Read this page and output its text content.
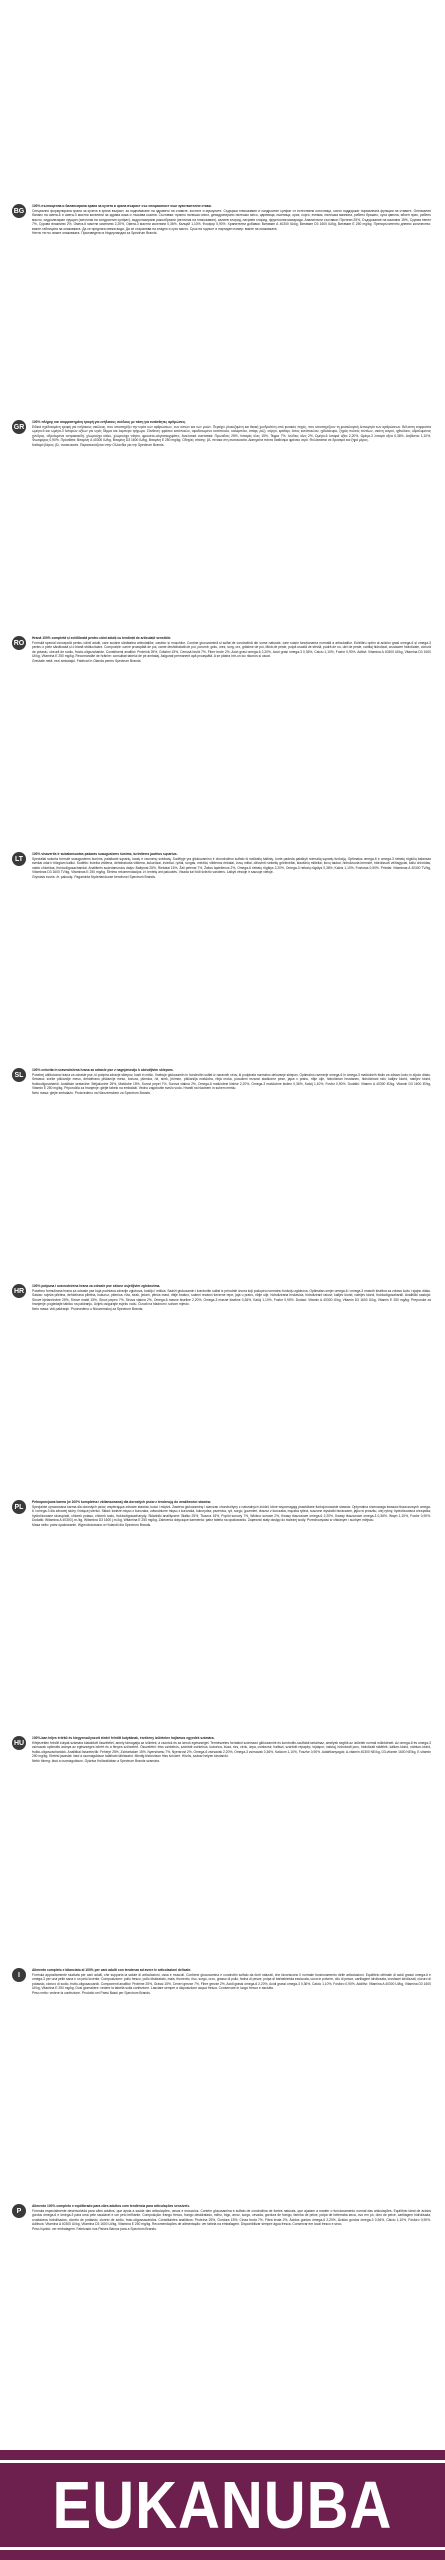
BG

100% пълноценна и балансирана храна за кучета в зряла възраст със специалност към чувствителни стави.

Специално формулирана храна за кучета в зряла възраст, за подпомагане на здравето на ставите, костите и мускулите. Съдържа глюкозамин и хондроитин сулфат от естествени източници, които поддържат нормалната функция на ставите. Оптимален баланс на омега-6 и омега-3 мастни киселини за здрава кожа и лъскава козина. Съставки: прясно пилешко месо, дехидратирано пилешко месо, царевица, пшеница, ориз, сорго, ечемик, пилешка мазнина, рибено брашно, суха цвекла, яйчен прах, рибено масло, хидролизиран хрущял (източник на хондроитин сулфат), хидролизирани ракообразни (източник на глюкозамин), калиев хлорид, натриев хлорид, фруктоолигозахариди. Аналитични съставки: Протеин 25%, Съдържание на мазнини 15%, Сурова пепел 7%, Сурови влакнини 2%, Омега-6 мастни киселини 2,20%, Омега-3 мастни киселини 0,36%, Калций 1,10%, Фосфор 0,90%. Хранителни добавки: Витамин А 40300 IU/kg, Витамин D3 1600 IU/kg, Витамин Е 250 mg/kg. Препоръчително дневно количество: вижте таблицата на опаковката. Да се предлага свежа вода. Да се съхранява на хладно и сухо място. Срок на годност и партиден номер: вижте на опаковката.

Нетно тегло: вижте опаковката. Произведено в Нидерландия за Spectrum Brands.

GR

100% πλήρης και ισορροπημένη τροφή για ενήλικους σκύλους με τάση για ευαίσθητες αρθρώσεις.

Ειδικά σχεδιασμένη τροφή για ενήλικους σκύλους, που υποστηρίζει την υγεία των αρθρώσεων, των οστών και των μυών. Περιέχει γλυκοζαμίνη και θειική χονδροϊτίνη από φυσικές πηγές, που υποστηρίζουν τη φυσιολογική λειτουργία των αρθρώσεων. Βέλτιστη ισορροπία ωμέγα-6 και ωμέγα-3 λιπαρών οξέων για υγιές δέρμα και λαμπερό τρίχωμα. Σύνθεση: φρέσκο κοτόπουλο, αφυδατωμένο κοτόπουλο, καλαμπόκι, σιτάρι, ρύζι, σόργο, κριθάρι, λίπος κοτόπουλου, ιχθυάλευρο, ξηρός πολτός τεύτλων, σκόνη αυγού, ιχθυέλαιο, υδρολυμένος χόνδρος, υδρολυμένα οστρακοειδή, χλωριούχο κάλιο, χλωριούχο νάτριο, φρουκτο-ολιγοσακχαρίτες. Αναλυτικά συστατικά: Πρωτεΐνες 25%, Λιπαρές ύλες 15%, Τέφρα 7%, Ινώδεις ύλες 2%, Ωμέγα-6 λιπαρά οξέα 2,20%, Ωμέγα-3 λιπαρά οξέα 0,36%, Ασβέστιο 1,10%, Φωσφόρος 0,90%. Πρόσθετα: Βιταμίνη A 40300 IU/kg, Βιταμίνη D3 1600 IU/kg, Βιταμίνη E 250 mg/kg. Οδηγίες σίτισης: βλ. πίνακα στη συσκευασία. Διατηρείτε πάντα διαθέσιμο φρέσκο νερό. Φυλάσσεται σε δροσερό και ξηρό μέρος.

Καθαρό βάρος: βλ. συσκευασία. Παρασκευάζεται στην Ολλανδία για την Spectrum Brands.

RO

Hrană 100% completă și echilibrată pentru câini adulți cu tendință de articulații sensibile.

Formulă special concepută pentru câinii adulți, care susține sănătatea articulațiilor, oaselor și mușchilor. Conține glucozamină și sulfat de condroitină din surse naturale, care susțin funcționarea normală a articulațiilor. Echilibru optim al acizilor grași omega-6 și omega-3 pentru o piele sănătoasă și o blană strălucitoare. Compoziție: carne proaspătă de pui, carne deshidratată de pui, porumb, grâu, orez, sorg, orz, grăsime de pui, făină de pește, pulpă uscată de sfeclă, pudră de ou, ulei de pește, cartilaj hidrolizat, crustacee hidrolizate, clorură de potasiu, clorură de sodiu, fructo-oligozaharide. Constituenți analitici: Proteină 25%, Grăsimi 15%, Cenușă brută 7%, Fibre brute 2%, Acizi grași omega-6 2,20%, Acizi grași omega-3 0,36%, Calciu 1,10%, Fosfor 0,90%. Aditivi: Vitamina A 40300 UI/kg, Vitamina D3 1600 UI/kg, Vitamina E 250 mg/kg. Recomandări de hrănire: consultați tabelul de pe ambalaj. Asigurați permanent apă proaspătă. A se păstra într-un loc răcoros și uscat.

Greutate netă: vezi ambalajul. Fabricat în Olanda pentru Spectrum Brands.

LT

100% visavertis ir subalansuotas pašaras suaugusiems šunims, turintiems jautrius sąnarius.

Specialiai sukurta formulė suaugusiems šunims, palaikanti sąnarių, kaulų ir raumenų sveikatą. Sudėtyje yra gliukozamino ir chondroitino sulfato iš natūralių šaltinių, kurie padeda palaikyti normalią sąnarių funkciją. Optimalus omega-6 ir omega-3 riebalų rūgščių balansas sveikai odai ir blizgiam kailiui. Sudėtis: šviežia vištiena, dehidratuota vištiena, kukurūzai, kviečiai, ryžiai, sorgas, miežiai, vištienos riebalai, žuvų miltai, džiovinti runkelių griežinėliai, kiaušinių milteliai, žuvų taukai, hidrolizuota kremzlė, hidrolizuoti vėžiagyviai, kalio chloridas, natrio chloridas, fruktooligosacharidai. Analitinės sudedamosios dalys: Baltymai 25%, Riebalai 15%, Žali pelenai 7%, Žalios ląstelienos 2%, Omega-6 riebalų rūgštys 2,20%, Omega-3 riebalų rūgštys 0,36%, Kalcis 1,10%, Fosforas 0,90%. Priedai: Vitaminas A 40300 TV/kg, Vitaminas D3 1600 TV/kg, Vitaminas E 250 mg/kg. Šėrimo rekomendacijos: žr. lentelę ant pakuotės. Visada turi būti šviežio vandens. Laikyti vėsioje ir sausoje vietoje.

Grynasis svoris: žr. pakuotę. Pagaminta Nyderlanduose bendrovei Spectrum Brands.

SL

100% celovita in uravnotežena hrana za odrasle pse z nagnjenostjo k občutljivim sklepom.

Posebej oblikovana hrana za odrasle pse, ki podpira zdravje sklepov, kosti in mišic. Vsebuje glukozamin in hondroitin sulfat iz naravnih virov, ki podpirata normalno delovanje sklepov. Optimalno razmerje omega-6 in omega-3 maščobnih kislin za zdravo kožo in sijočo dlako. Sestava: sveže piščančje meso, dehidrirano piščančje meso, koruza, pšenica, riž, sirek, ječmen, piščančja maščoba, ribja moka, posušeni rezanci sladkorne pese, jajca v prahu, ribje olje, hidroliziran hrustanec, hidrolizirani raki, kalijev klorid, natrijev klorid, fruktooligosaharidi. Analitske sestavine: Beljakovine 25%, Maščobe 15%, Surovi pepel 7%, Surova vlakna 2%, Omega-6 maščobne kisline 2,20%, Omega-3 maščobne kisline 0,36%, Kalcij 1,10%, Fosfor 0,90%. Dodatki: Vitamin A 40300 IE/kg, Vitamin D3 1600 IE/kg, Vitamin E 250 mg/kg. Priporočila za hranjenje: glejte tabelo na embalaži. Vedno zagotovite svežo vodo. Hraniti na hladnem in suhem mestu.

Neto masa: glejte embalažo. Proizvedeno na Nizozemskem za Spectrum Brands.

HR

100% potpuna i uravnotežena hrana za odrasle pse sklone osjetljivim zglobovima.

Posebno formulirana hrana za odrasle pse koja podržava zdravlje zglobova, kostiju i mišića. Sadrži glukozamin i kondroitin sulfat iz prirodnih izvora koji podupiru normalnu funkciju zglobova. Optimalan omjer omega-6 i omega-3 masnih kiselina za zdravu kožu i sjajnu dlaku. Sastav: svježa piletina, dehidrirana piletina, kukuruz, pšenica, riža, sirak, ječam, pileća mast, riblje brašno, sušeni rezanci šećerne repe, jaja u prahu, riblje ulje, hidrolizirana hrskavica, hidrolizirani rakovi, kalijev klorid, natrijev klorid, fruktooligosaharidi. Analitički sastojci: Sirove bjelančevine 25%, Sirove masti 15%, Sirovi pepeo 7%, Sirova vlakna 2%, Omega-6 masne kiseline 2,20%, Omega-3 masne kiseline 0,36%, Kalcij 1,10%, Fosfor 0,90%. Dodaci: Vitamin A 40300 IJ/kg, Vitamin D3 1600 IJ/kg, Vitamin E 250 mg/kg. Preporuke za hranjenje: pogledajte tablicu na pakiranju. Uvijek osigurajte svježu vodu. Čuvati na hladnom i suhom mjestu.

Neto masa: vidi pakiranje. Proizvedeno u Nizozemskoj za Spectrum Brands.

PL

Pełnoporcjowa karma (w 100% kompletna i zbilansowana) dla dorosłych psów z tendencją do wrażliwości stawów.

Specjalnie opracowana karma dla dorosłych psów, wspierająca zdrowie stawów, kości i mięśni. Zawiera glukozaminę i siarczan chondroityny z naturalnych źródeł, które wspomagają prawidłowe funkcjonowanie stawów. Optymalna równowaga kwasów tłuszczowych omega-6 i omega-3 dla zdrowej skóry i lśniącej sierści. Skład: świeże mięso z kurczaka, odwodnione mięso z kurczaka, kukurydza, pszenica, ryż, sorgo, jęczmień, tłuszcz z kurczaka, mączka rybna, suszone wysłodki buraczane, jajko w proszku, olej rybny, hydrolizowana chrząstka, hydrolizowane skorupiaki, chlorek potasu, chlorek sodu, fruktooligosacharydy. Składniki analityczne: Białko 25%, Tłuszcz 15%, Popiół surowy 7%, Włókno surowe 2%, Kwasy tłuszczowe omega-6 2,20%, Kwasy tłuszczowe omega-3 0,36%, Wapń 1,10%, Fosfor 0,90%. Dodatki: Witamina A 40300 j.m./kg, Witamina D3 1600 j.m./kg, Witamina E 250 mg/kg. Zalecenia dotyczące karmienia: patrz tabela na opakowaniu. Zapewnić stały dostęp do świeżej wody. Przechowywać w chłodnym i suchym miejscu.

Masa netto: patrz opakowanie. Wyprodukowano w Holandii dla Spectrum Brands.

HU

100%-ban teljes értékű és kiegyensúlyozott eledel felnőtt kutyáknak, érzékeny ízületekre hajlamos egyedek számára.

Kifejezetten felnőtt kutyák számára kialakított összetétel, amely támogatja az ízületek, a csontok és az izmok egészségét. Természetes forrásból származó glükózamint és kondroitin-szulfátot tartalmaz, amelyek segítik az ízületek normál működését. Az omega-6 és omega-3 zsírsavak optimális aránya az egészséges bőrért és a fényes szőrzetért. Összetétel: friss csirkehús, szárított csirkehús, kukorica, búza, rizs, cirok, árpa, csirkezsír, halliszt, szárított répapép, tojáspor, halolaj, hidrolizált porc, hidrolizált rákfélék, kálium-klorid, nátrium-klorid, frukto-oligoszacharidok. Analitikai összetevők: Fehérje 25%, Zsírtartalom 15%, Nyershamu 7%, Nyersrost 2%, Omega-6 zsírsavak 2,20%, Omega-3 zsírsavak 0,36%, Kalcium 1,10%, Foszfor 0,90%. Adalékanyagok: A-vitamin 40300 NE/kg, D3-vitamin 1600 NE/kg, E-vitamin 250 mg/kg. Etetési javaslat: lásd a csomagoláson található táblázatot. Mindig biztosítson friss ivóvizet. Hűvös, száraz helyen tárolandó.

Nettó tömeg: lásd a csomagoláson. Gyártva Hollandiában a Spectrum Brands számára.

I

Alimento completo e bilanciato al 100% per cani adulti con tendenza ad avere le articolazioni delicate.

Formula appositamente studiata per cani adulti, che supporta la salute di articolazioni, ossa e muscoli. Contiene glucosamina e condroitin solfato da fonti naturali, che favoriscono il normale funzionamento delle articolazioni. Equilibrio ottimale di acidi grassi omega-6 e omega-3 per una pelle sana e un pelo lucente. Composizione: pollo fresco, pollo disidratato, mais, frumento, riso, sorgo, orzo, grasso di pollo, farina di pesce, polpa di barbabietola essiccata, uova in polvere, olio di pesce, cartilagine idrolizzata, crostacei idrolizzati, cloruro di potassio, cloruro di sodio, frutto-oligosaccaridi. Componenti analitici: Proteine 25%, Grassi 15%, Ceneri grezze 7%, Fibre grezze 2%, Acidi grassi omega-6 2,20%, Acidi grassi omega-3 0,36%, Calcio 1,10%, Fosforo 0,90%. Additivi: Vitamina A 40300 UI/kg, Vitamina D3 1600 UI/kg, Vitamina E 250 mg/kg. Dosi giornaliere: vedere la tabella sulla confezione. Lasciare sempre a disposizione acqua fresca. Conservare in luogo fresco e asciutto.

Peso netto: vedere la confezione. Prodotto nei Paesi Bassi per Spectrum Brands.

P

Alimento 100% completo e equilibrado para cães adultos com tendência para articulações sensíveis.

Fórmula especialmente desenvolvida para cães adultos, que apoia a saúde das articulações, ossos e músculos. Contém glucosamina e sulfato de condroitina de fontes naturais, que ajudam a manter o funcionamento normal das articulações. Equilíbrio ideal de ácidos gordos ómega-6 e ómega-3 para uma pele saudável e um pelo brilhante. Composição: frango fresco, frango desidratado, milho, trigo, arroz, sorgo, cevada, gordura de frango, farinha de peixe, polpa de beterraba seca, ovo em pó, óleo de peixe, cartilagem hidrolisada, crustáceos hidrolisados, cloreto de potássio, cloreto de sódio, fruto-oligossacáridos. Constituintes analíticos: Proteína 25%, Gordura 15%, Cinza bruta 7%, Fibra bruta 2%, Ácidos gordos ómega-6 2,20%, Ácidos gordos ómega-3 0,36%, Cálcio 1,10%, Fósforo 0,90%. Aditivos: Vitamina A 40300 UI/kg, Vitamina D3 1600 UI/kg, Vitamina E 250 mg/kg. Recomendações de alimentação: ver tabela na embalagem. Disponibilizar sempre água fresca. Conservar em local fresco e seco.

Peso líquido: ver embalagem. Fabricado nos Países Baixos para a Spectrum Brands.

EUKANUBA
